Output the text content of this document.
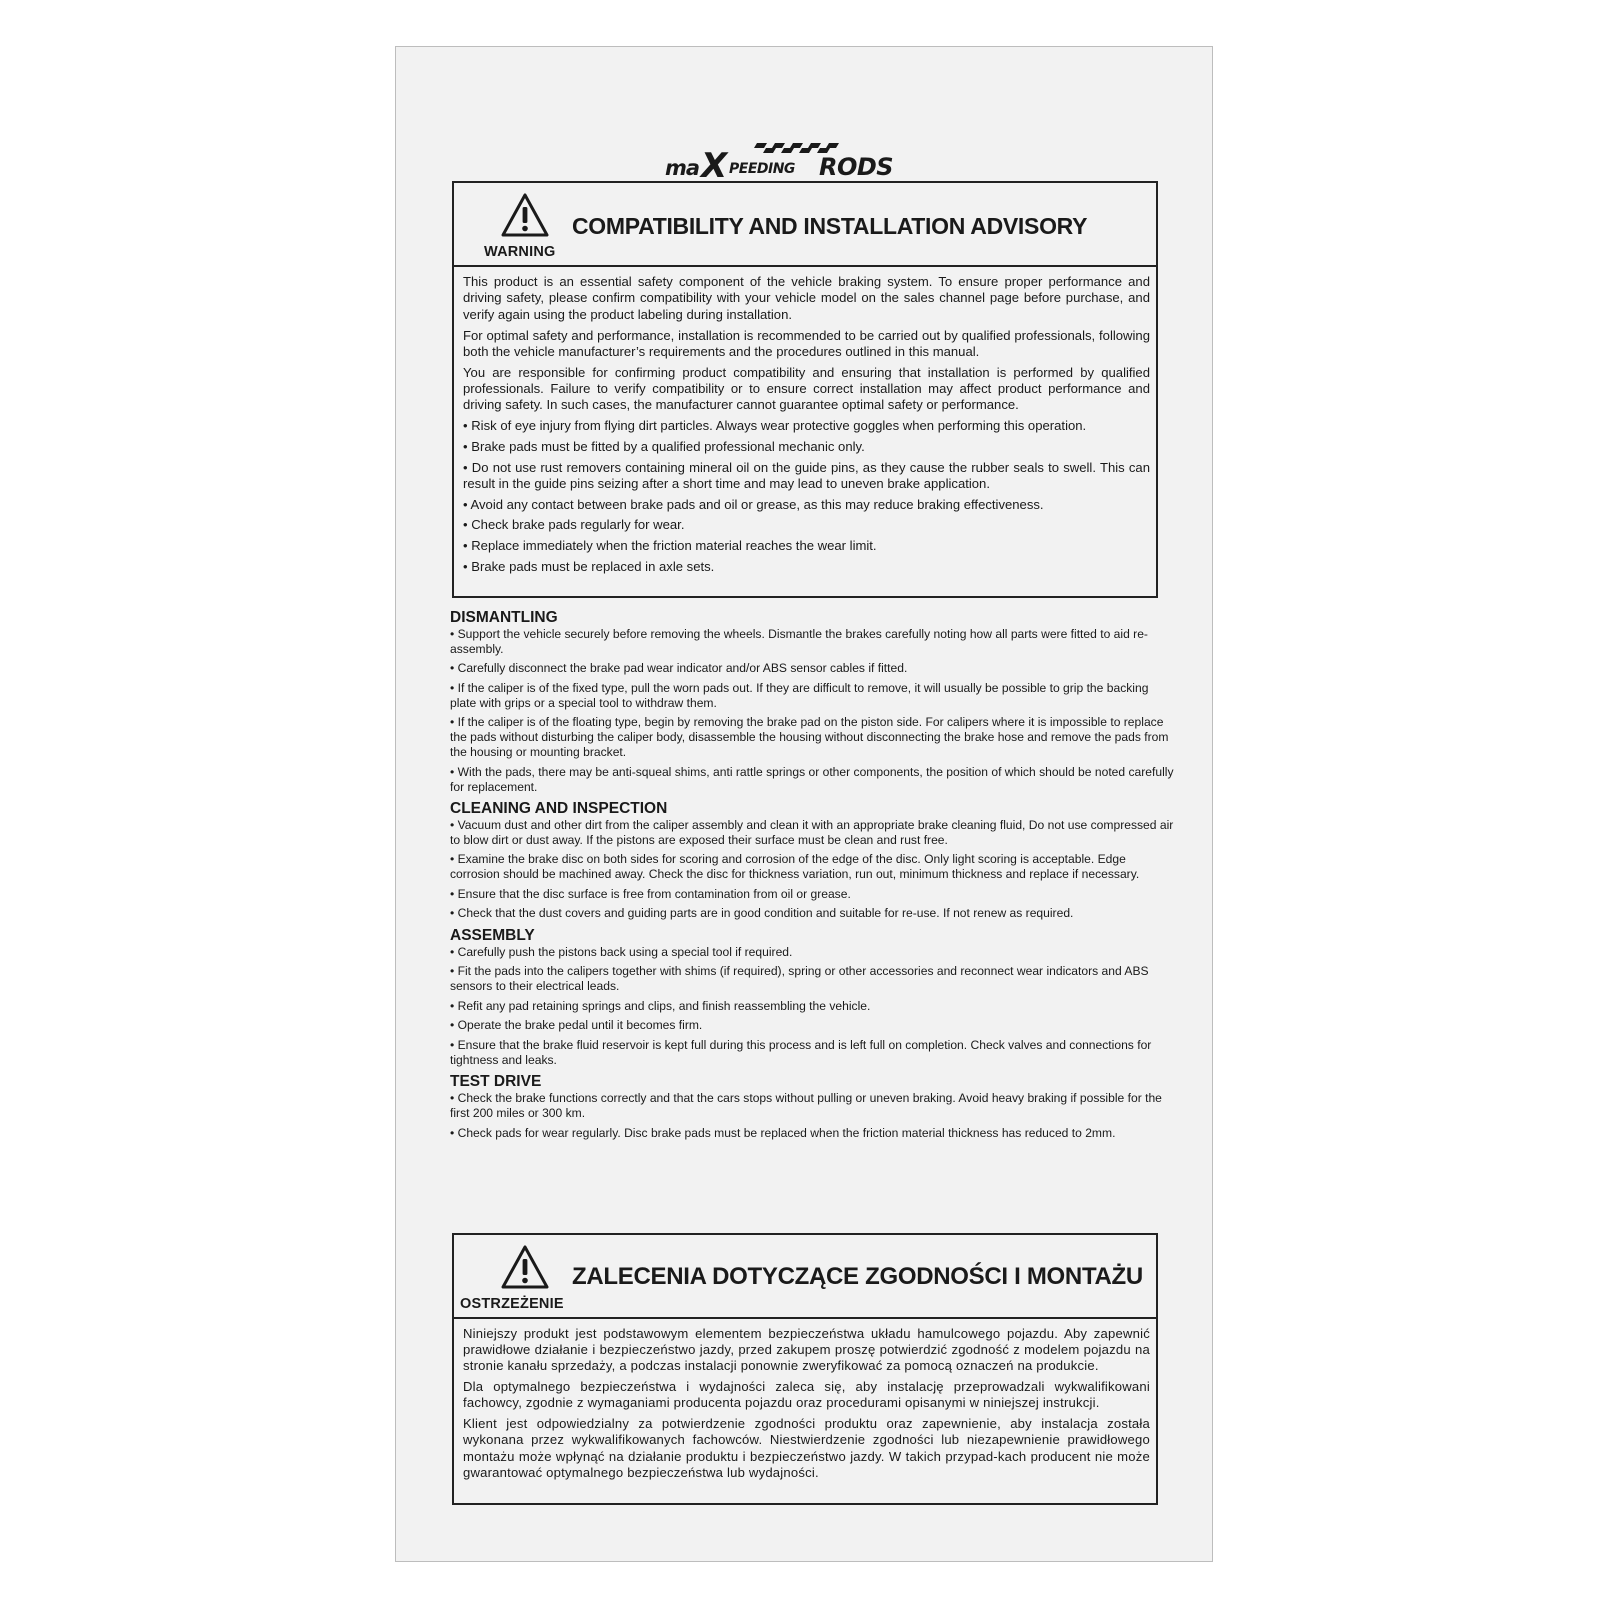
ma X PEEDING RODS
WARNING
COMPATIBILITY AND INSTALLATION ADVISORY

This product is an essential safety component of the vehicle braking system. To ensure proper performance and driving safety, please confirm compatibility with your vehicle model on the sales channel page before purchase, and verify again using the product labeling during installation.

For optimal safety and performance, installation is recommended to be carried out by qualified professionals, following both the vehicle manufacturer’s requirements and the procedures outlined in this manual.

You are responsible for confirming product compatibility and ensuring that installation is performed by qualified professionals. Failure to verify compatibility or to ensure correct installation may affect product performance and driving safety. In such cases, the manufacturer cannot guarantee optimal safety or performance.

• Risk of eye injury from flying dirt particles. Always wear protective goggles when performing this operation.

• Brake pads must be fitted by a qualified professional mechanic only.

• Do not use rust removers containing mineral oil on the guide pins, as they cause the rubber seals to swell. This can result in the guide pins seizing after a short time and may lead to uneven brake application.

• Avoid any contact between brake pads and oil or grease, as this may reduce braking effectiveness.

• Check brake pads regularly for wear.

• Replace immediately when the friction material reaches the wear limit.

• Brake pads must be replaced in axle sets.

DISMANTLING

• Support the vehicle securely before removing the wheels. Dismantle the brakes carefully noting how all parts were fitted to aid re-assembly.

• Carefully disconnect the brake pad wear indicator and/or ABS sensor cables if fitted.

• If the caliper is of the fixed type, pull the worn pads out. If they are difficult to remove, it will usually be possible to grip the backing plate with grips or a special tool to withdraw them.

• If the caliper is of the floating type, begin by removing the brake pad on the piston side. For calipers where it is impossible to replace the pads without disturbing the caliper body, disassemble the housing without disconnecting the brake hose and remove the pads from the housing or mounting bracket.

• With the pads, there may be anti-squeal shims, anti rattle springs or other components, the position of which should be noted carefully for replacement.

CLEANING AND INSPECTION

• Vacuum dust and other dirt from the caliper assembly and clean it with an appropriate brake cleaning fluid, Do not use compressed air to blow dirt or dust away. If the pistons are exposed their surface must be clean and rust free.

• Examine the brake disc on both sides for scoring and corrosion of the edge of the disc. Only light scoring is acceptable. Edge corrosion should be machined away. Check the disc for thickness variation, run out, minimum thickness and replace if necessary.

• Ensure that the disc surface is free from contamination from oil or grease.

• Check that the dust covers and guiding parts are in good condition and suitable for re-use. If not renew as required.

ASSEMBLY

• Carefully push the pistons back using a special tool if required.

• Fit the pads into the calipers together with shims (if required), spring or other accessories and reconnect wear indicators and ABS sensors to their electrical leads.

• Refit any pad retaining springs and clips, and finish reassembling the vehicle.

• Operate the brake pedal until it becomes firm.

• Ensure that the brake fluid reservoir is kept full during this process and is left full on completion. Check valves and connections for tightness and leaks.

TEST DRIVE

• Check the brake functions correctly and that the cars stops without pulling or uneven braking. Avoid heavy braking if possible for the first 200 miles or 300 km.

• Check pads for wear regularly. Disc brake pads must be replaced when the friction material thickness has reduced to 2mm.

OSTRZEŻENIE
ZALECENIA DOTYCZĄCE ZGODNOŚCI I MONTAŻU

Niniejszy produkt jest podstawowym elementem bezpieczeństwa układu hamulcowego pojazdu. Aby zapewnić prawidłowe działanie i bezpieczeństwo jazdy, przed zakupem proszę potwierdzić zgodność z modelem pojazdu na stronie kanału sprzedaży, a podczas instalacji ponownie zweryfikować za pomocą oznaczeń na produkcie.

Dla optymalnego bezpieczeństwa i wydajności zaleca się, aby instalację przeprowadzali wykwalifikowani fachowcy, zgodnie z wymaganiami producenta pojazdu oraz procedurami opisanymi w niniejszej instrukcji.

Klient jest odpowiedzialny za potwierdzenie zgodności produktu oraz zapewnienie, aby instalacja została wykonana przez wykwalifikowanych fachowców. Niestwierdzenie zgodności lub niezapewnienie prawidłowego montażu może wpłynąć na działanie produktu i bezpieczeństwo jazdy. W takich przypad-kach producent nie może gwarantować optymalnego bezpieczeństwa lub wydajności.
